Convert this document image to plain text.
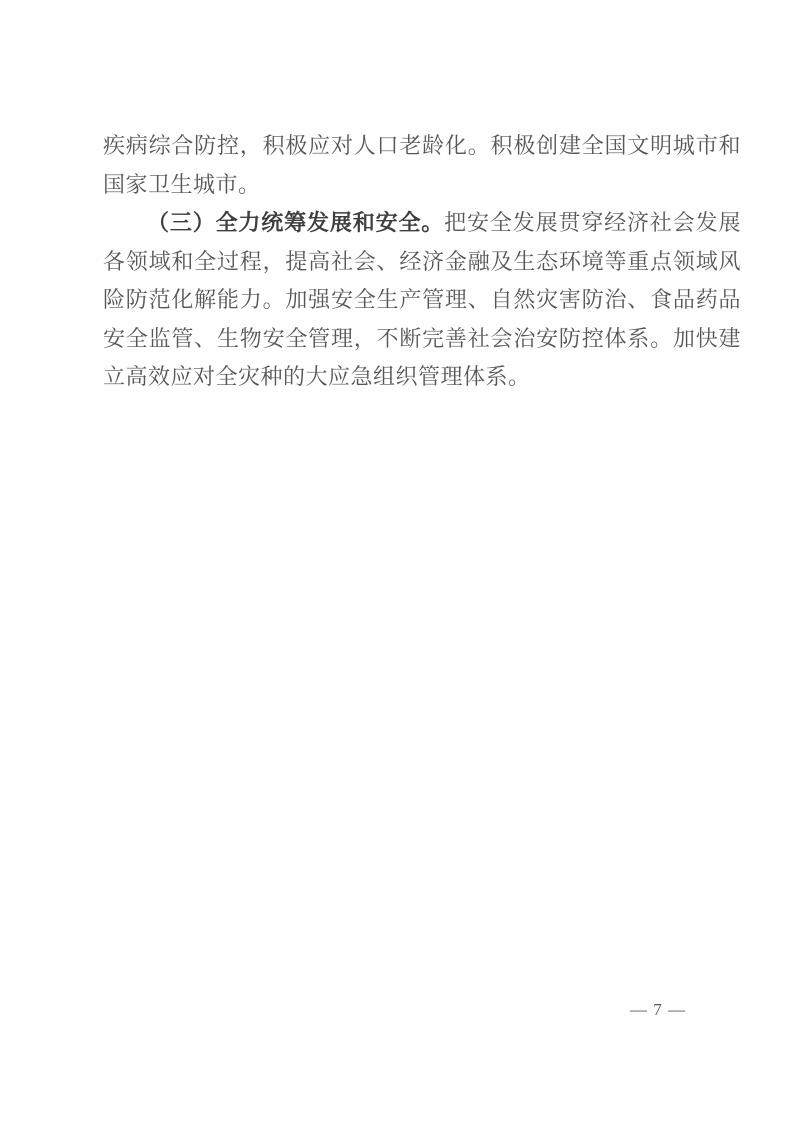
疾病综合防控，积极应对人口老龄化。积极创建全国文明城市和国家卫生城市。

（三）全力统筹发展和安全。把安全发展贯穿经济社会发展各领域和全过程，提高社会、经济金融及生态环境等重点领域风险防范化解能力。加强安全生产管理、自然灾害防治、食品药品安全监管、生物安全管理，不断完善社会治安防控体系。加快建立高效应对全灾种的大应急组织管理体系。

— 7 —
